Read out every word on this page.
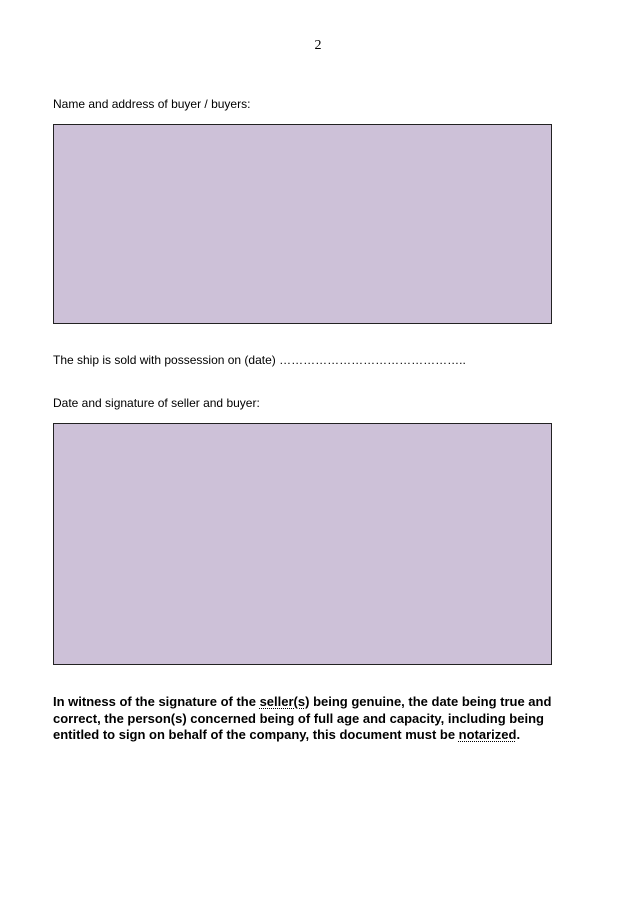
2
Name and address of buyer / buyers:
The ship is sold with possession on (date) ………………………………………..
Date and signature of seller and buyer:
In witness of the signature of the seller(s) being genuine, the date being true and correct, the person(s) concerned being of full age and capacity, including being entitled to sign on behalf of the company, this document must be notarized.
